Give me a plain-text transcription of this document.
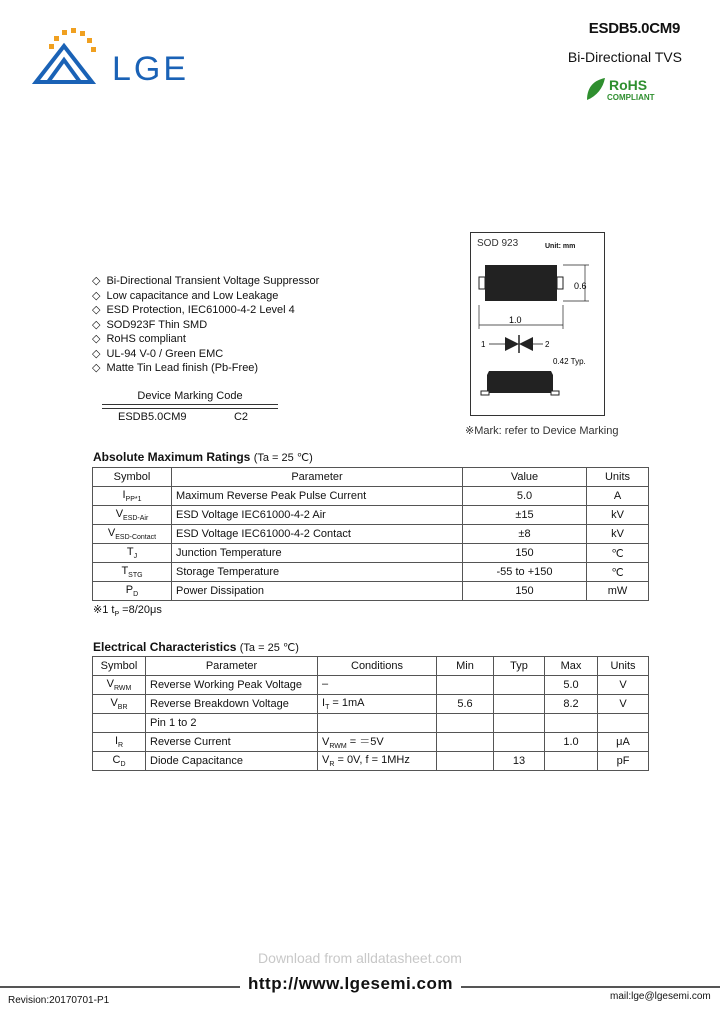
LGE
ESDB5.0CM9
Bi-Directional TVS
RoHS
COMPLIANT
SOD 923	Unit: mm
0.6
1.0
1	2
0.42 Typ.
※Mark: refer to Device Marking
◇ Bi-Directional Transient Voltage Suppressor
◇ Low capacitance and Low Leakage
◇ ESD Protection, IEC61000-4-2 Level 4
◇ SOD923F Thin SMD
◇ RoHS compliant
◇ UL-94 V-0 / Green EMC
◇ Matte Tin Lead finish (Pb-Free)
Device Marking Code
ESDB5.0CM9	C2
Absolute Maximum Ratings (Ta = 25 ℃)
Symbol	Parameter	Value	Units
$I_{PP*1}$	Maximum Reverse Peak Pulse Current	5.0	A
$V_{ESD-Air}$	ESD Voltage IEC61000-4-2 Air	±15	kV
$V_{ESD-Contact}$	ESD Voltage IEC61000-4-2 Contact	±8	kV
$T_J$	Junction Temperature	150	℃
$T_{STG}$	Storage Temperature	-55 to +150	℃
$P_D$	Power Dissipation	150	mW
※1 $t_P =8/20\mu s$
Electrical Characteristics (Ta = 25 ℃)
Symbol	Parameter	Conditions	Min	Typ	Max	Units
$V_{RWM}$	Reverse Working Peak Voltage	–			5.0	V
$V_{BR}$	Reverse Breakdown Voltage	$I_T = 1mA$	5.6		8.2	V
	Pin 1 to 2					
$I_R$	Reverse Current	$V_{RWM} = =5V$			1.0	μA
$C_D$	Diode Capacitance	$V_R = 0V$, f = 1MHz		13		pF
Download from alldatasheet.com
http://www.lgesemi.com
Revision:20170701-P1	mail:lge@lgesemi.com
